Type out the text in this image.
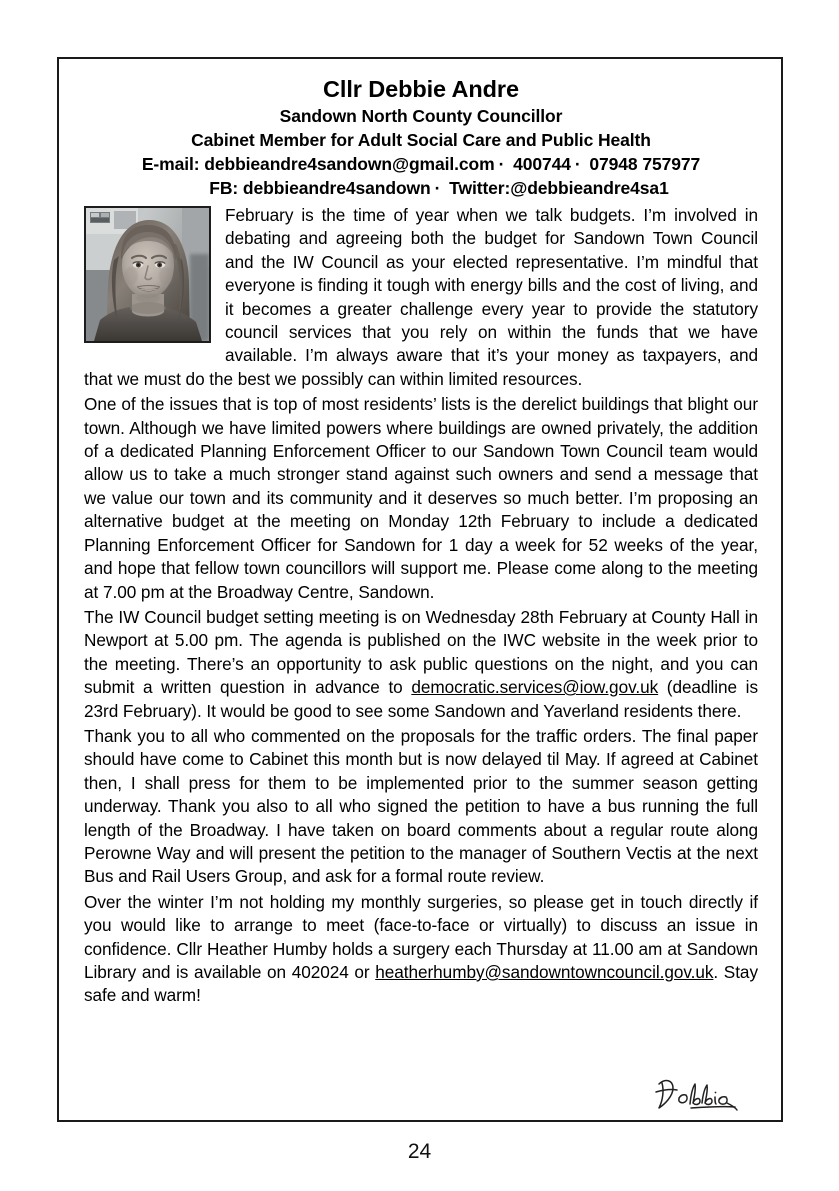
Cllr Debbie Andre
Sandown North County Councillor
Cabinet Member for Adult Social Care and Public Health
E-mail: debbieandre4sandown@gmail.com · 400744 · 07948 757977
FB: debbieandre4sandown · Twitter:@debbieandre4sa1

February is the time of year when we talk budgets. I’m involved in debating and agreeing both the budget for Sandown Town Council and the IW Council as your elected representative. I’m mindful that everyone is finding it tough with energy bills and the cost of living, and it becomes a greater challenge every year to provide the statutory council services that you rely on within the funds that we have available. I’m always aware that it’s your money as taxpayers, and that we must do the best we possibly can within limited resources.

One of the issues that is top of most residents’ lists is the derelict buildings that blight our town. Although we have limited powers where buildings are owned privately, the addition of a dedicated Planning Enforcement Officer to our Sandown Town Council team would allow us to take a much stronger stand against such owners and send a message that we value our town and its community and it deserves so much better. I’m proposing an alternative budget at the meeting on Monday 12th February to include a dedicated Planning Enforcement Officer for Sandown for 1 day a week for 52 weeks of the year, and hope that fellow town councillors will support me. Please come along to the meeting at 7.00 pm at the Broadway Centre, Sandown.

The IW Council budget setting meeting is on Wednesday 28th February at County Hall in Newport at 5.00 pm. The agenda is published on the IWC website in the week prior to the meeting. There’s an opportunity to ask public questions on the night, and you can submit a written question in advance to democratic.services@iow.gov.uk (deadline is 23rd February). It would be good to see some Sandown and Yaverland residents there.

Thank you to all who commented on the proposals for the traffic orders. The final paper should have come to Cabinet this month but is now delayed til May. If agreed at Cabinet then, I shall press for them to be implemented prior to the summer season getting underway. Thank you also to all who signed the petition to have a bus running the full length of the Broadway. I have taken on board comments about a regular route along Perowne Way and will present the petition to the manager of Southern Vectis at the next Bus and Rail Users Group, and ask for a formal route review.

Over the winter I’m not holding my monthly surgeries, so please get in touch directly if you would like to arrange to meet (face-to-face or virtually) to discuss an issue in confidence. Cllr Heather Humby holds a surgery each Thursday at 11.00 am at Sandown Library and is available on 402024 or heatherhumby@sandowntowncouncil.gov.uk. Stay safe and warm!

24
